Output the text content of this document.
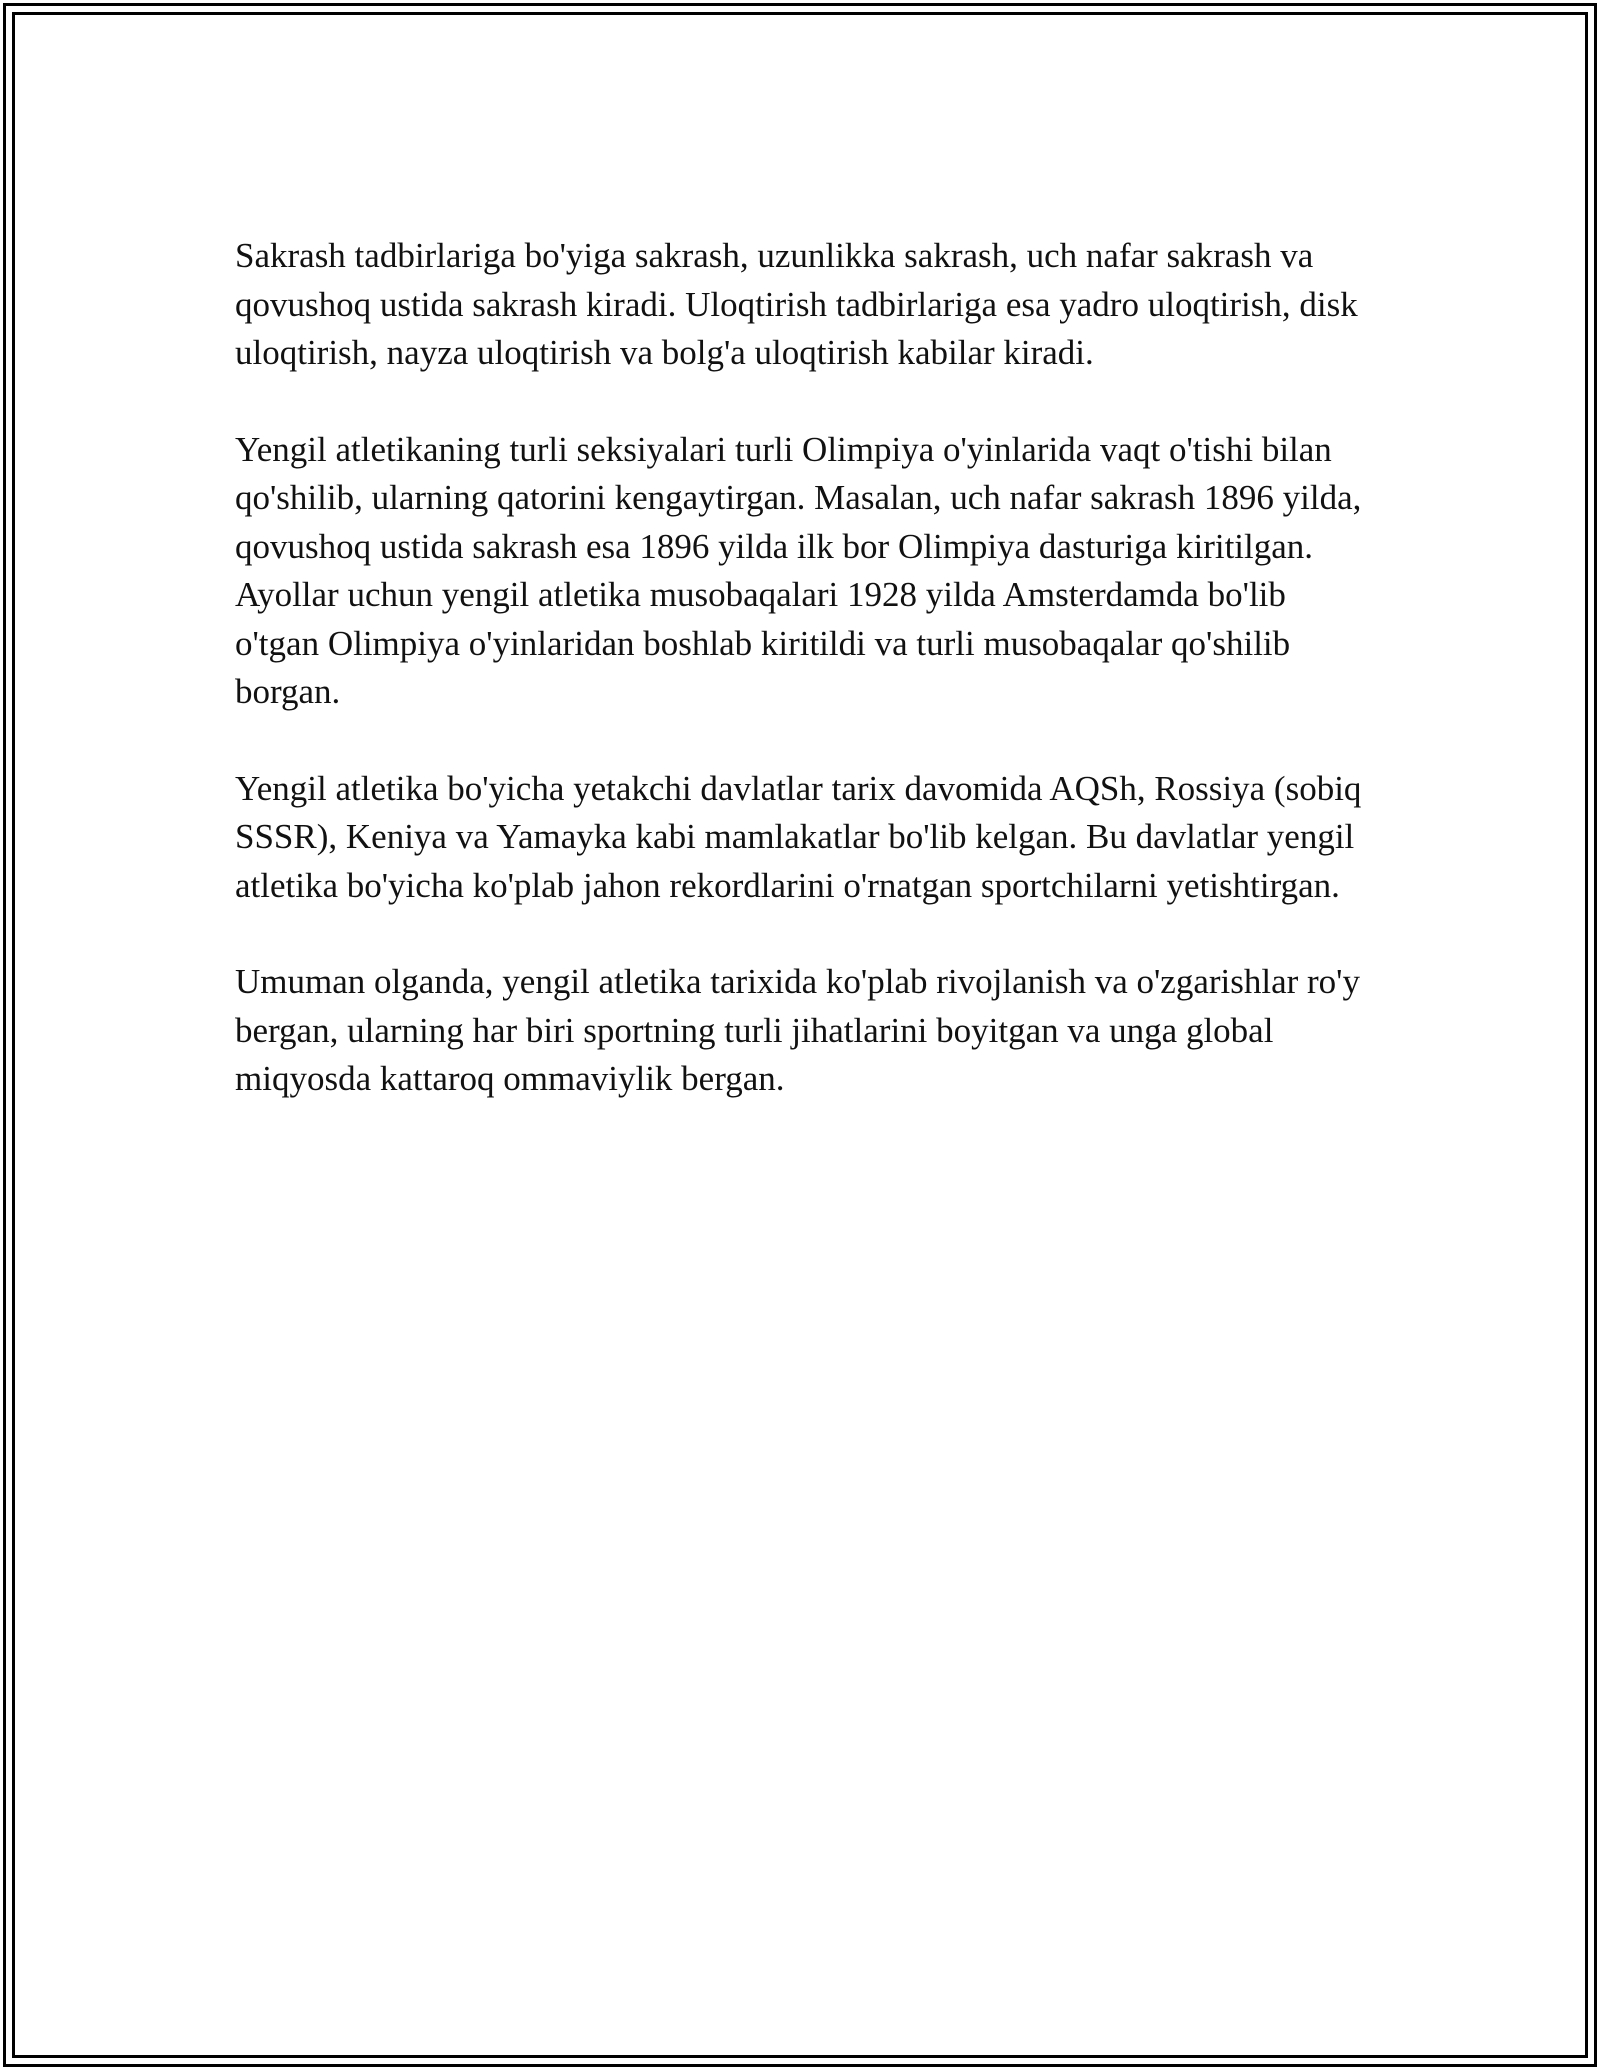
Sakrash tadbirlariga bo'yiga sakrash, uzunlikka sakrash, uch nafar sakrash va qovushoq ustida sakrash kiradi. Uloqtirish tadbirlariga esa yadro uloqtirish, disk uloqtirish, nayza uloqtirish va bolg'a uloqtirish kabilar kiradi.

Yengil atletikaning turli seksiyalari turli Olimpiya o'yinlarida vaqt o'tishi bilan qo'shilib, ularning qatorini kengaytirgan. Masalan, uch nafar sakrash 1896 yilda, qovushoq ustida sakrash esa 1896 yilda ilk bor Olimpiya dasturiga kiritilgan. Ayollar uchun yengil atletika musobaqalari 1928 yilda Amsterdamda bo'lib o'tgan Olimpiya o'yinlaridan boshlab kiritildi va turli musobaqalar qo'shilib borgan.

Yengil atletika bo'yicha yetakchi davlatlar tarix davomida AQSh, Rossiya (sobiq SSSR), Keniya va Yamayka kabi mamlakatlar bo'lib kelgan. Bu davlatlar yengil atletika bo'yicha ko'plab jahon rekordlarini o'rnatgan sportchilarni yetishtirgan.

Umuman olganda, yengil atletika tarixida ko'plab rivojlanish va o'zgarishlar ro'y bergan, ularning har biri sportning turli jihatlarini boyitgan va unga global miqyosda kattaroq ommaviylik bergan.
